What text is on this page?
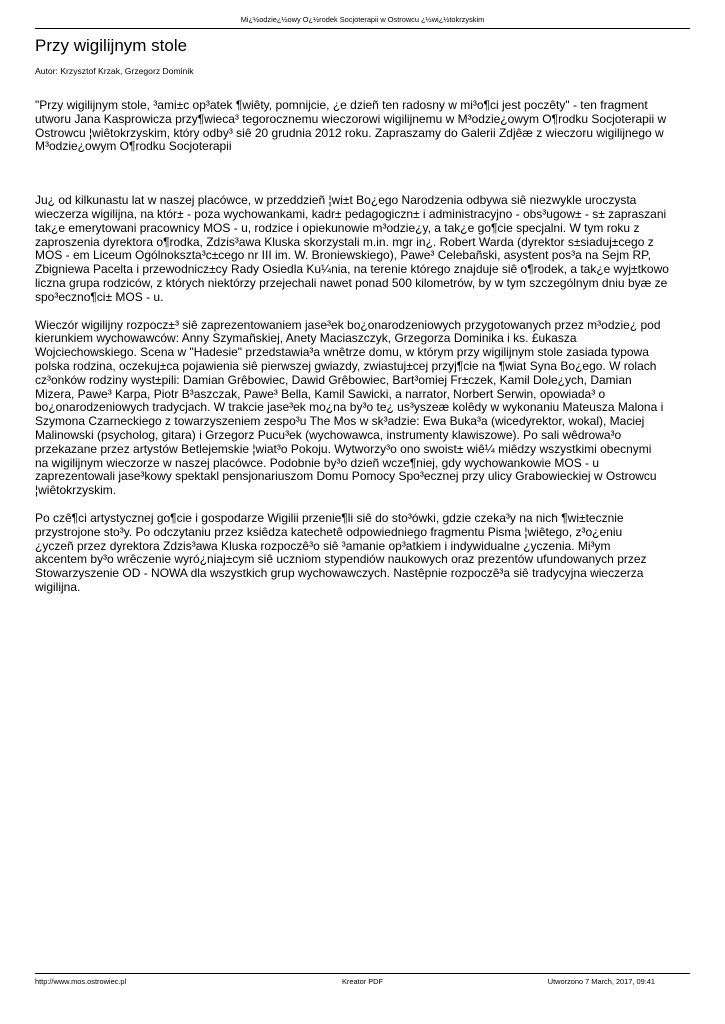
Mi¿½odzie¿½owy O¿½rodek Socjoterapii w Ostrowcu ¿½wi¿½tokrzyskim
Przy wigilijnym stole
Autor: Krzysztof Krzak, Grzegorz Dominik

"Przy wigilijnym stole, ³ami±c op³atek ¶wiêty, pomnijcie, ¿e dzieñ ten radosny w mi³o¶ci jest poczêty" - ten fragment
utworu Jana Kasprowicza przy¶wieca³ tegorocznemu wieczorowi wigilijnemu w M³odzie¿owym O¶rodku Socjoterapii w
Ostrowcu ¦wiêtokrzyskim, który odby³ siê 20 grudnia 2012 roku. Zapraszamy do Galerii Zdjêæ z wieczoru wigilijnego w
M³odzie¿owym O¶rodku Socjoterapii

Ju¿ od kilkunastu lat w naszej placówce, w przeddzieñ ¦wi±t Bo¿ego Narodzenia odbywa siê niezwykle uroczysta
wieczerza wigilijna, na któr± - poza wychowankami, kadr± pedagogiczn± i administracyjno - obs³ugow± - s± zapraszani
tak¿e emerytowani pracownicy MOS - u, rodzice i opiekunowie m³odzie¿y, a tak¿e go¶cie specjalni. W tym roku z
zaproszenia dyrektora o¶rodka, Zdzis³awa Kluska skorzystali m.in. mgr in¿. Robert Warda (dyrektor s±siaduj±cego z
MOS - em Liceum Ogólnokszta³c±cego nr III im. W. Broniewskiego), Pawe³ Celebañski, asystent pos³a na Sejm RP,
Zbigniewa Pacelta i przewodnicz±cy Rady Osiedla Ku¼nia, na terenie którego znajduje siê o¶rodek, a tak¿e wyj±tkowo
liczna grupa rodziców, z których niektórzy przejechali nawet ponad 500 kilometrów, by w tym szczególnym dniu byæ ze
spo³eczno¶ci± MOS - u.

Wieczór wigilijny rozpocz±³ siê zaprezentowaniem jase³ek bo¿onarodzeniowych przygotowanych przez m³odzie¿ pod
kierunkiem wychowawców: Anny Szymañskiej, Anety Maciaszczyk, Grzegorza Dominika i ks. £ukasza
Wojciechowskiego. Scena w "Hadesie" przedstawia³a wnêtrze domu, w którym przy wigilijnym stole zasiada typowa
polska rodzina, oczekuj±ca pojawienia siê pierwszej gwiazdy, zwiastuj±cej przyj¶cie na ¶wiat Syna Bo¿ego. W rolach
cz³onków rodziny wyst±pili: Damian Grêbowiec, Dawid Grêbowiec, Bart³omiej Fr±czek, Kamil Dole¿ych, Damian
Mizera, Pawe³ Karpa, Piotr B³aszczak, Pawe³ Bella, Kamil Sawicki, a narrator, Norbert Serwin, opowiada³ o
bo¿onarodzeniowych tradycjach. W trakcie jase³ek mo¿na by³o te¿ us³yszeæ kolêdy w wykonaniu Mateusza Malona i
Szymona Czarneckiego z towarzyszeniem zespo³u The Mos w sk³adzie: Ewa Buka³a (wicedyrektor, wokal), Maciej
Malinowski (psycholog, gitara) i Grzegorz Pucu³ek (wychowawca, instrumenty klawiszowe). Po sali wêdrowa³o
przekazane przez artystów Betlejemskie ¦wiat³o Pokoju. Wytworzy³o ono swoist± wiê¼ miêdzy wszystkimi obecnymi
na wigilijnym wieczorze w naszej placówce. Podobnie by³o dzieñ wcze¶niej, gdy wychowankowie MOS - u
zaprezentowali jase³kowy spektakl pensjonariuszom Domu Pomocy Spo³ecznej przy ulicy Grabowieckiej w Ostrowcu
¦wiêtokrzyskim.

Po czê¶ci artystycznej go¶cie i gospodarze Wigilii przenie¶li siê do sto³ówki, gdzie czeka³y na nich ¶wi±tecznie
przystrojone sto³y. Po odczytaniu przez ksiêdza katechetê odpowiedniego fragmentu Pisma ¦wiêtego, z³o¿eniu
¿yczeñ przez dyrektora Zdzis³awa Kluska rozpoczê³o siê ³amanie op³atkiem i indywidualne ¿yczenia. Mi³ym
akcentem by³o wrêczenie wyró¿niaj±cym siê uczniom stypendiów naukowych oraz prezentów ufundowanych przez
Stowarzyszenie OD - NOWA dla wszystkich grup wychowawczych. Nastêpnie rozpoczê³a siê tradycyjna wieczerza
wigilijna.

http://www.mos.ostrowiec.pl	Kreator PDF	Utworzono 7 March, 2017, 09:41
